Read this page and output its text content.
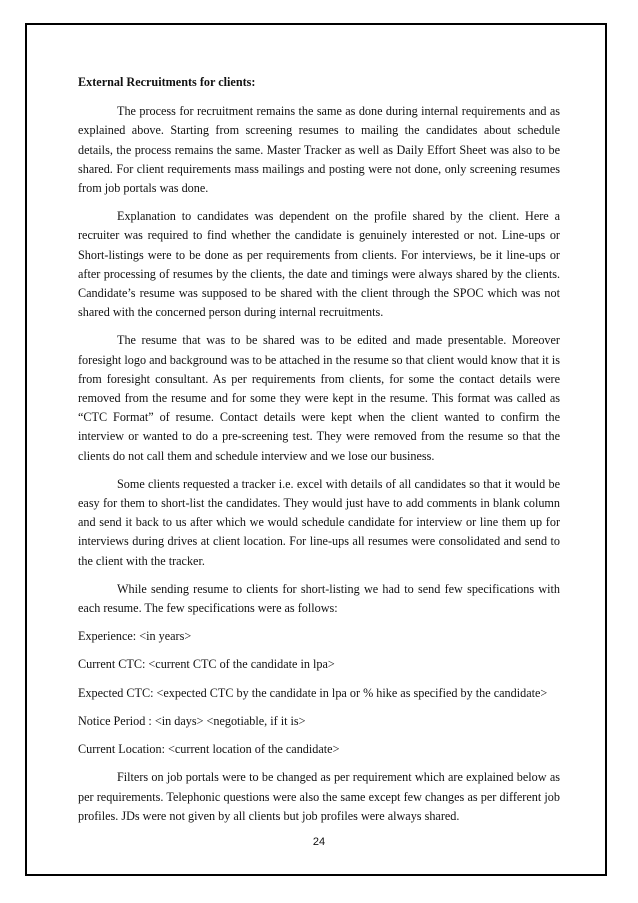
External Recruitments for clients:

The process for recruitment remains the same as done during internal requirements and as explained above. Starting from screening resumes to mailing the candidates about schedule details, the process remains the same. Master Tracker as well as Daily Effort Sheet was also to be shared. For client requirements mass mailings and posting were not done, only screening resumes from job portals was done.

Explanation to candidates was dependent on the profile shared by the client. Here a recruiter was required to find whether the candidate is genuinely interested or not. Line-ups or Short-listings were to be done as per requirements from clients. For interviews, be it line-ups or after processing of resumes by the clients, the date and timings were always shared by the clients. Candidate’s resume was supposed to be shared with the client through the SPOC which was not shared with the concerned person during internal recruitments.

The resume that was to be shared was to be edited and made presentable. Moreover foresight logo and background was to be attached in the resume so that client would know that it is from foresight consultant. As per requirements from clients, for some the contact details were removed from the resume and for some they were kept in the resume. This format was called as “CTC Format” of resume. Contact details were kept when the client wanted to confirm the interview or wanted to do a pre-screening test. They were removed from the resume so that the clients do not call them and schedule interview and we lose our business.

Some clients requested a tracker i.e. excel with details of all candidates so that it would be easy for them to short-list the candidates. They would just have to add comments in blank column and send it back to us after which we would schedule candidate for interview or line them up for interviews during drives at client location. For line-ups all resumes were consolidated and send to the client with the tracker.

While sending resume to clients for short-listing we had to send few specifications with each resume. The few specifications were as follows:

Experience: <in years>

Current CTC: <current CTC of the candidate in lpa>

Expected CTC: <expected CTC by the candidate in lpa or % hike as specified by the candidate>

Notice Period : <in days> <negotiable, if it is>

Current Location: <current location of the candidate>

Filters on job portals were to be changed as per requirement which are explained below as per requirements. Telephonic questions were also the same except few changes as per different job profiles. JDs were not given by all clients but job profiles were always shared.

24
